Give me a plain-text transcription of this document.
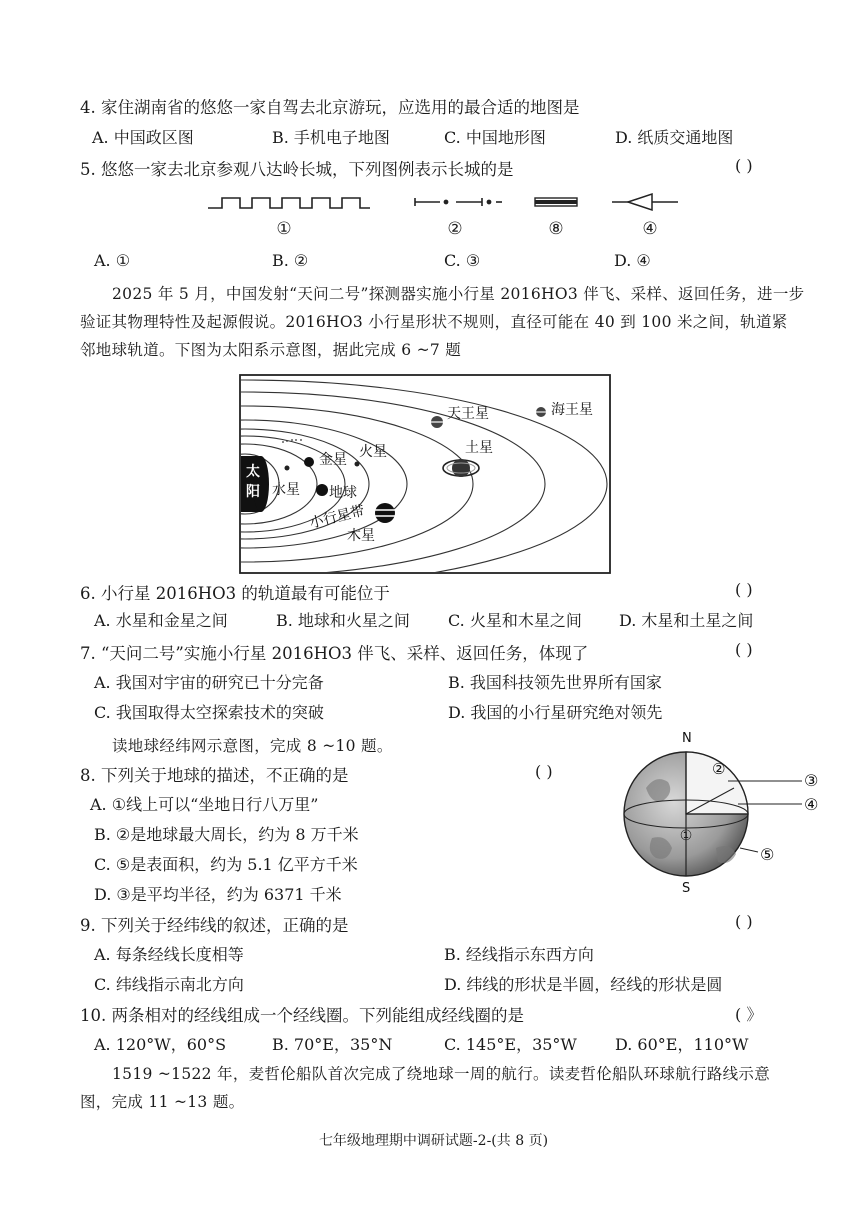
4. 家住湖南省的悠悠一家自驾去北京游玩，应选用的最合适的地图是
A. 中国政区图	B. 手机电子地图	C. 中国地形图	D. 纸质交通地图
5. 悠悠一家去北京参观八达岭长城，下列图例表示长城的是	( )
①	②	⑧	④
A. ①	B. ②	C. ③	D. ④
2025 年 5 月，中国发射“天问二号”探测器实施小行星 2016HO3 伴飞、采样、返回任务，进一步
验证其物理特性及起源假说。2016HO3 小行星形状不规则，直径可能在 40 到 100 米之间，轨道紧
邻地球轨道。下图为太阳系示意图，据此完成 6 ~7 题
太
阳 水星
金星
地球
火星
小行星带
木星
土星
天王星	海王星
6. 小行星 2016HO3 的轨道最有可能位于	( )
A. 水星和金星之间	B. 地球和火星之间 C. 火星和木星之间 D. 木星和土星之间
7. “天问二号”实施小行星 2016HO3 伴飞、采样、返回任务，体现了	( )
A. 我国对宇宙的研究已十分完备	B. 我国科技领先世界所有国家
C. 我国取得太空探索技术的突破	D. 我国的小行星研究绝对领先
读地球经纬网示意图，完成 8 ~10 题。
8. 下列关于地球的描述，不正确的是	( )
A. ①线上可以“坐地日行八万里”
B. ②是地球最大周长，约为 8 万千米
C. ⑤是表面积，约为 5.1 亿平方千米
D. ③是平均半径，约为 6371 千米
N
S
①
②
③
④
⑤
9. 下列关于经纬线的叙述，正确的是	( )
A. 每条经线长度相等	B. 经线指示东西方向
C. 纬线指示南北方向	D. 纬线的形状是半圆，经线的形状是圆
10. 两条相对的经线组成一个经线圈。下列能组成经线圈的是	( 》
A. 120°W，60°S	B. 70°E，35°N	C. 145°E，35°W D. 60°E，110°W
1519 ~1522 年，麦哲伦船队首次完成了绕地球一周的航行。读麦哲伦船队环球航行路线示意
图，完成 11 ~13 题。
七年级地理期中调研试题-2-(共 8 页)
